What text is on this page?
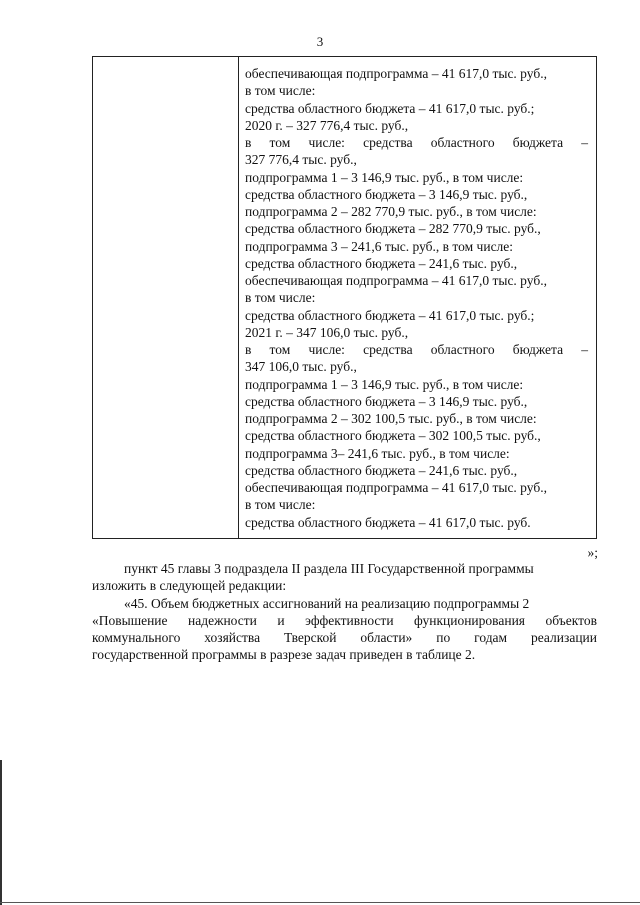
3
обеспечивающая подпрограмма – 41 617,0 тыс. руб.,
в том числе:
средства областного бюджета – 41 617,0 тыс. руб.;
2020 г. – 327 776,4 тыс. руб.,
в том числе: средства областного бюджета –
327 776,4 тыс. руб.,
подпрограмма 1 – 3 146,9 тыс. руб., в том числе:
средства областного бюджета – 3 146,9 тыс. руб.,
подпрограмма 2 – 282 770,9 тыс. руб., в том числе:
средства областного бюджета – 282 770,9 тыс. руб.,
подпрограмма 3 – 241,6 тыс. руб., в том числе:
средства областного бюджета – 241,6 тыс. руб.,
обеспечивающая подпрограмма – 41 617,0 тыс. руб.,
в том числе:
средства областного бюджета – 41 617,0 тыс. руб.;
2021 г. – 347 106,0 тыс. руб.,
в том числе: средства областного бюджета –
347 106,0 тыс. руб.,
подпрограмма 1 – 3 146,9 тыс. руб., в том числе:
средства областного бюджета – 3 146,9 тыс. руб.,
подпрограмма 2 – 302 100,5 тыс. руб., в том числе:
средства областного бюджета – 302 100,5 тыс. руб.,
подпрограмма 3– 241,6 тыс. руб., в том числе:
средства областного бюджета – 241,6 тыс. руб.,
обеспечивающая подпрограмма – 41 617,0 тыс. руб.,
в том числе:
средства областного бюджета – 41 617,0 тыс. руб.
»;
пункт 45 главы 3 подраздела II раздела III Государственной программы
изложить в следующей редакции:
«45. Объем бюджетных ассигнований на реализацию подпрограммы 2
«Повышение надежности и эффективности функционирования объектов
коммунального хозяйства Тверской области» по годам реализации
государственной программы в разрезе задач приведен в таблице 2.
